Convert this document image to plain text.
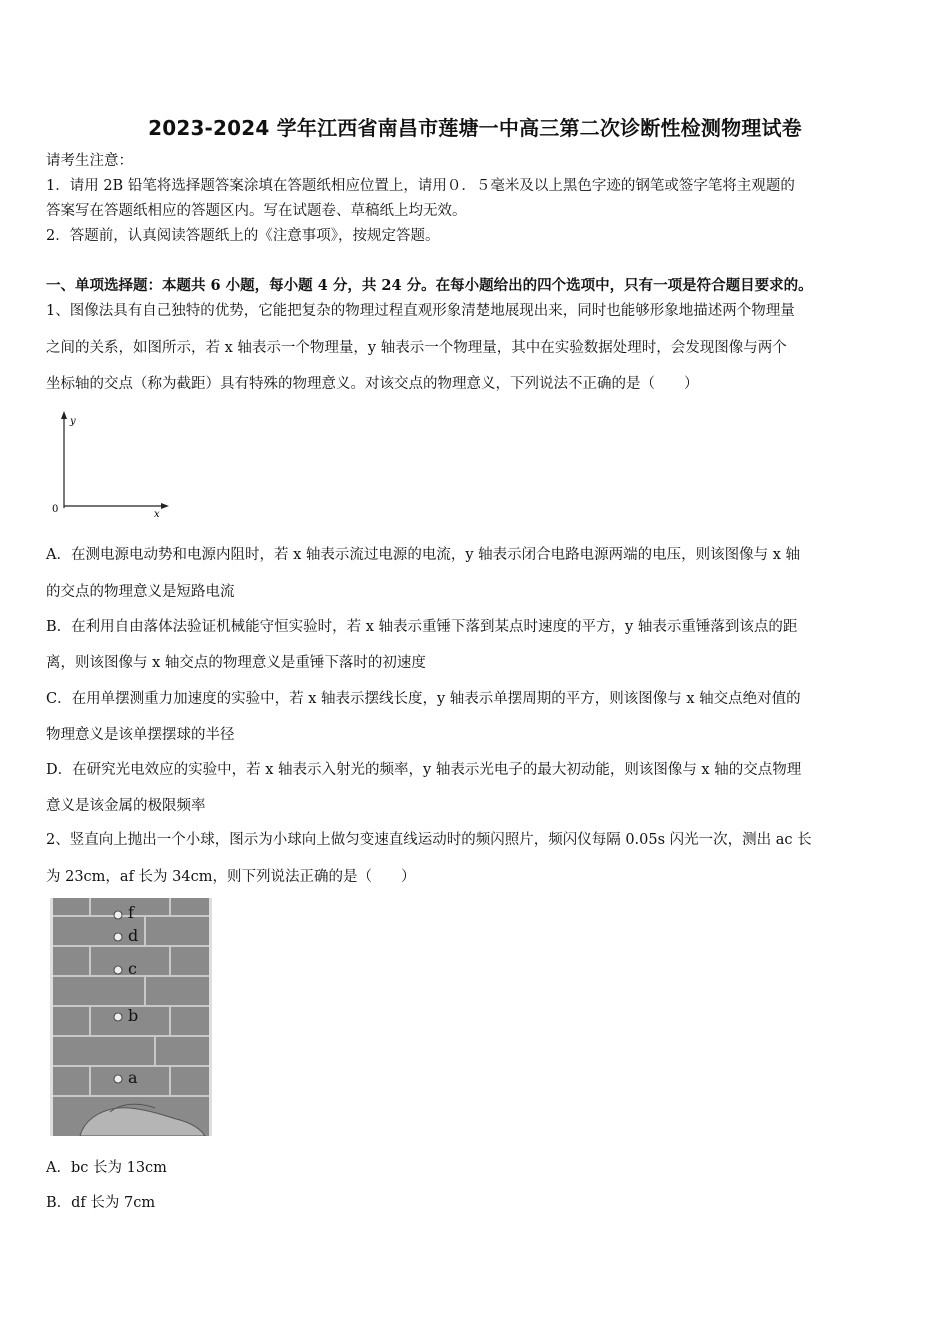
2023-2024 学年江西省南昌市莲塘一中高三第二次诊断性检测物理试卷
请考生注意：
1．请用 2B 铅笔将选择题答案涂填在答题纸相应位置上，请用０．５毫米及以上黑色字迹的钢笔或签字笔将主观题的
答案写在答题纸相应的答题区内。写在试题卷、草稿纸上均无效。
2．答题前，认真阅读答题纸上的《注意事项》，按规定答题。
一、单项选择题：本题共 6 小题，每小题 4 分，共 24 分。在每小题给出的四个选项中，只有一项是符合题目要求的。
1、图像法具有自己独特的优势，它能把复杂的物理过程直观形象清楚地展现出来，同时也能够形象地描述两个物理量
之间的关系，如图所示，若 x 轴表示一个物理量，y 轴表示一个物理量，其中在实验数据处理时，会发现图像与两个
坐标轴的交点（称为截距）具有特殊的物理意义。对该交点的物理意义，下列说法不正确的是（　　）
y
x
0
A．在测电源电动势和电源内阻时，若 x 轴表示流过电源的电流，y 轴表示闭合电路电源两端的电压，则该图像与 x 轴
的交点的物理意义是短路电流
B．在利用自由落体法验证机械能守恒实验时，若 x 轴表示重锤下落到某点时速度的平方，y 轴表示重锤落到该点的距
离，则该图像与 x 轴交点的物理意义是重锤下落时的初速度
C．在用单摆测重力加速度的实验中，若 x 轴表示摆线长度，y 轴表示单摆周期的平方，则该图像与 x 轴交点绝对值的
物理意义是该单摆摆球的半径
D．在研究光电效应的实验中，若 x 轴表示入射光的频率，y 轴表示光电子的最大初动能，则该图像与 x 轴的交点物理
意义是该金属的极限频率
2、竖直向上抛出一个小球，图示为小球向上做匀变速直线运动时的频闪照片，频闪仪每隔 0.05s 闪光一次，测出 ac 长
为 23cm，af 长为 34cm，则下列说法正确的是（　　）
f
d
c
b
a
A．bc 长为 13cm
B．df 长为 7cm
